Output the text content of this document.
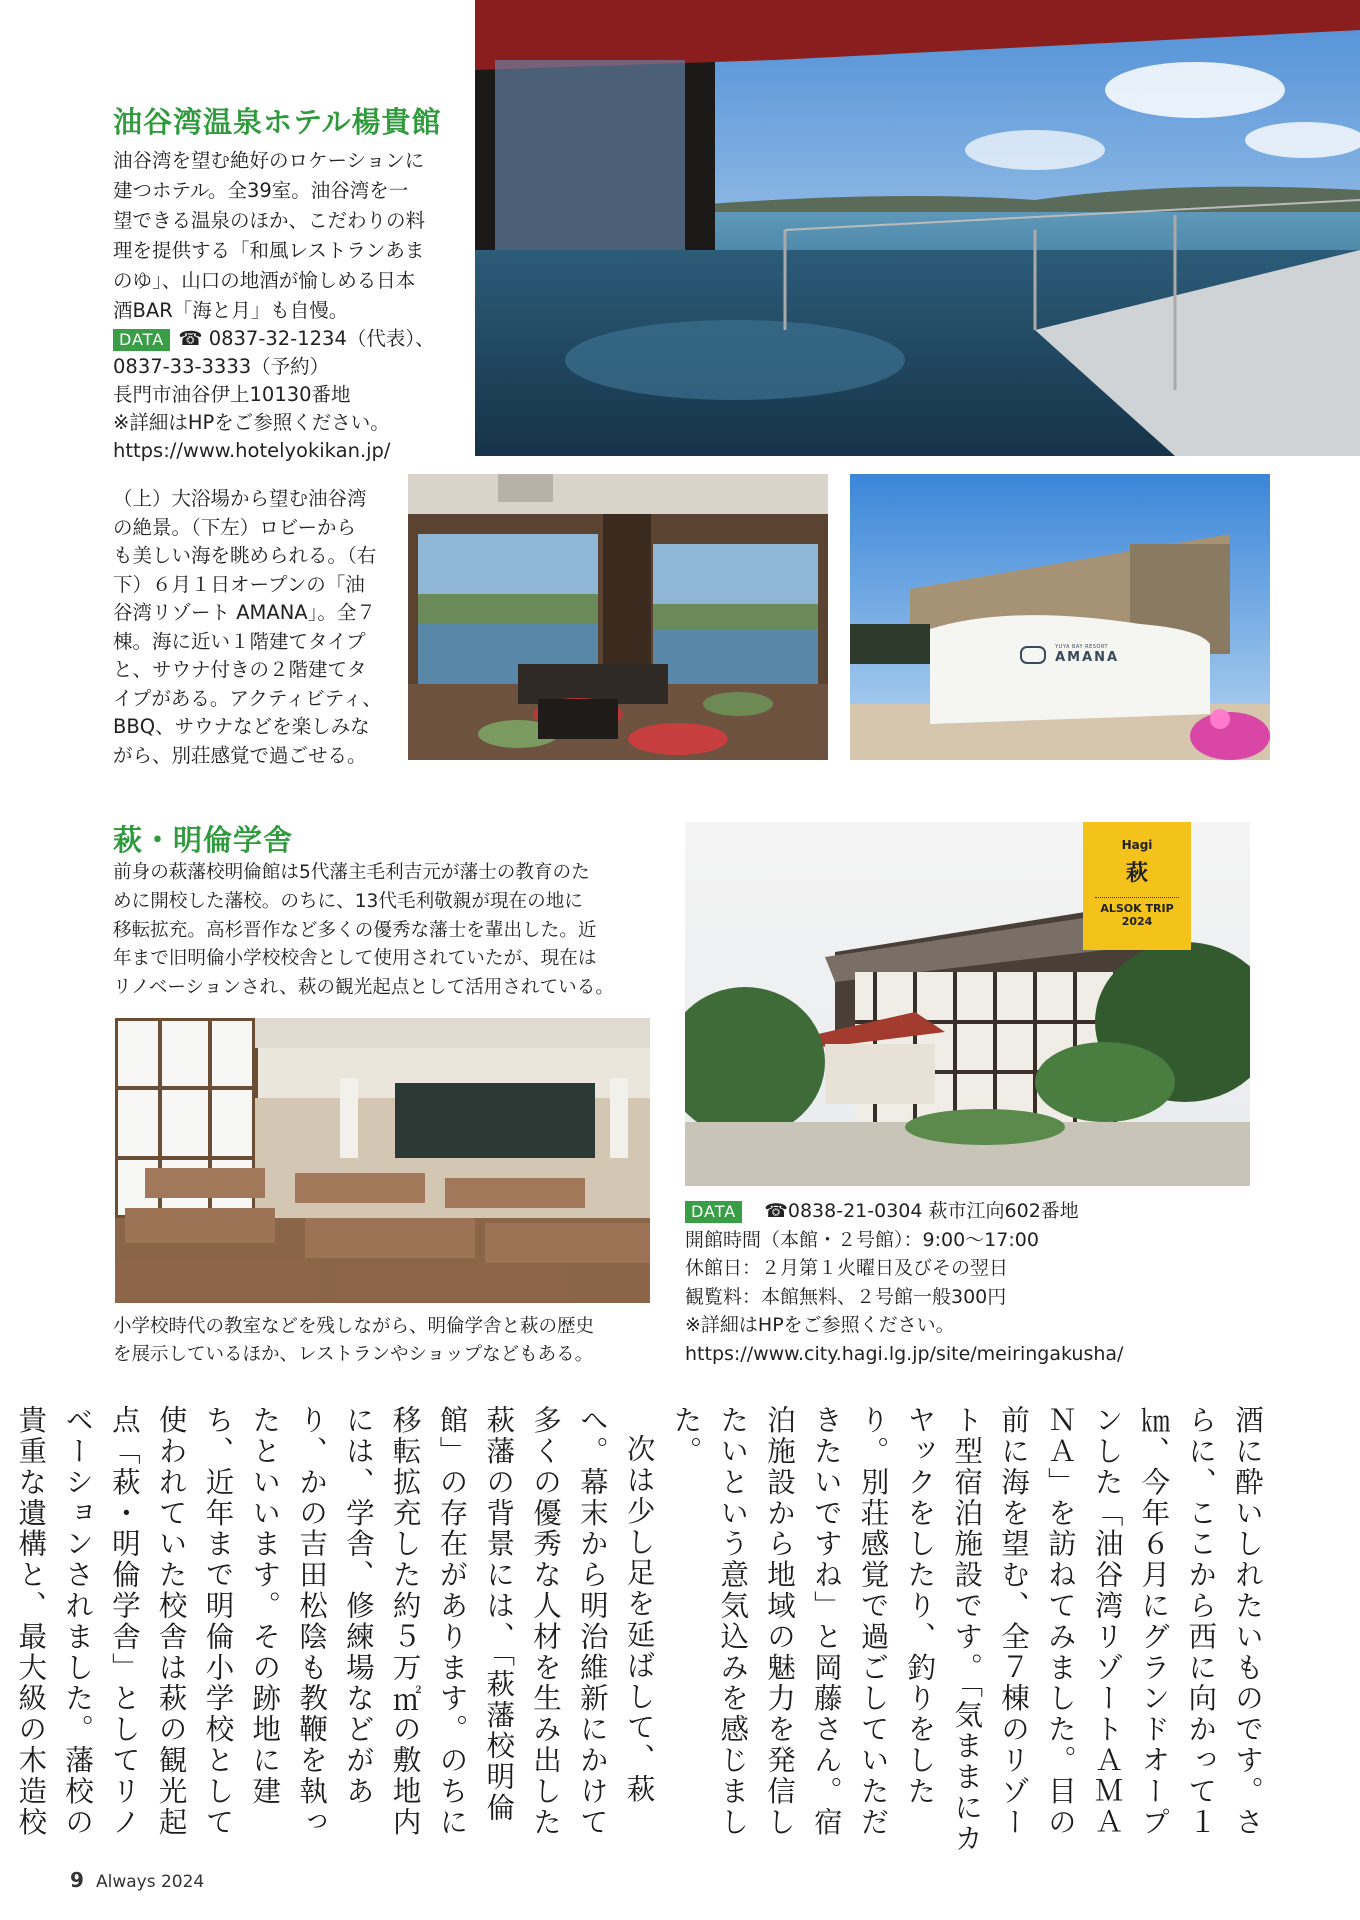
油谷湾温泉ホテル楊貴館
油谷湾を望む絶好のロケーションに
建つホテル。全39室。油谷湾を一
望できる温泉のほか、こだわりの料
理を提供する「和風レストランあま
のゆ」、山口の地酒が愉しめる日本
酒BAR「海と月」も自慢。
DATA ☎ 0837-32-1234（代表）、
0837-33-3333（予約）
長門市油谷伊上10130番地
※詳細はHPをご参照ください。
https://www.hotelyokikan.jp/
（上）大浴場から望む油谷湾
の絶景。（下左）ロビーから
も美しい海を眺められる。（右
下）６月１日オープンの「油
谷湾リゾート AMANA」。全７
棟。海に近い１階建てタイプ
と、サウナ付きの２階建てタ
イプがある。アクティビティ、
BBQ、サウナなどを楽しみな
がら、別荘感覚で過ごせる。

YUYA BAY RESORT
AMANA
萩・明倫学舎
前身の萩藩校明倫館は5代藩主毛利吉元が藩士の教育のた
めに開校した藩校。のちに、13代毛利敬親が現在の地に
移転拡充。高杉晋作など多くの優秀な藩士を輩出した。近
年まで旧明倫小学校校舎として使用されていたが、現在は
リノベーションされ、萩の観光起点として活用されている。
小学校時代の教室などを残しながら、明倫学舎と萩の歴史
を展示しているほか、レストランやショップなどもある。
Hagi
萩
ALSOK TRIP
2024
DATA ☎0838-21-0304 萩市江向602番地
開館時間（本館・２号館）：9:00～17:00
休館日：２月第１火曜日及びその翌日
観覧料：本館無料、２号館一般300円
※詳細はHPをご参照ください。
https://www.city.hagi.lg.jp/site/meiringakusha/

酒に酔いしれたいものです。さらに、ここから西に向かって１㎞、今年６月にグランドオープンした「油谷湾リゾートＡＭＡＮＡ」を訪ねてみました。目の前に海を望む、全７棟のリゾート型宿泊施設です。「気ままにカヤックをしたり、釣りをしたり。別荘感覚で過ごしていただきたいですね」と岡藤さん。宿泊施設から地域の魅力を発信したいという意気込みを感じました。

次は少し足を延ばして、萩へ。幕末から明治維新にかけて多くの優秀な人材を生み出した萩藩の背景には、「萩藩校明倫館」の存在があります。のちに移転拡充した約５万㎡の敷地内には、学舎、修練場などがあり、かの吉田松陰も教鞭を執ったといいます。その跡地に建ち、近年まで明倫小学校として使われていた校舎は萩の観光起点「萩・明倫学舎」としてリノベーションされました。藩校の貴重な遺構と、最大級の木造校

9 Always 2024
